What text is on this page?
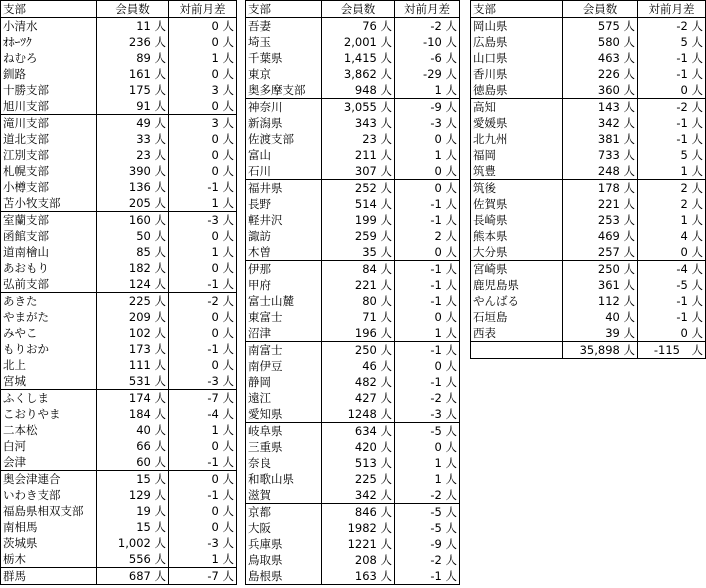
支部	会員数	対前月差
小清水	11 人	0 人
ｵﾎｰﾂｸ	236 人	0 人
ねむろ	89 人	1 人
釧路	161 人	0 人
十勝支部	175 人	3 人
旭川支部	91 人	0 人
滝川支部	49 人	3 人
道北支部	33 人	0 人
江別支部	23 人	0 人
札幌支部	390 人	0 人
小樽支部	136 人	-1 人
苫小牧支部	205 人	1 人
室蘭支部	160 人	-3 人
函館支部	50 人	0 人
道南檜山	85 人	1 人
あおもり	182 人	0 人
弘前支部	124 人	-1 人
あきた	225 人	-2 人
やまがた	209 人	0 人
みやこ	102 人	0 人
もりおか	173 人	-1 人
北上	111 人	0 人
宮城	531 人	-3 人
ふくしま	174 人	-7 人
こおりやま	184 人	-4 人
二本松	40 人	1 人
白河	66 人	0 人
会津	60 人	-1 人
奥会津連合	15 人	0 人
いわき支部	129 人	-1 人
福島県相双支部	19 人	0 人
南相馬	15 人	0 人
茨城県	1,002 人	-3 人
栃木	556 人	1 人
群馬	687 人	-7 人
支部	会員数	対前月差
吾妻	76 人	-2 人
埼玉	2,001 人	-10 人
千葉県	1,415 人	-6 人
東京	3,862 人	-29 人
奥多摩支部	948 人	1 人
神奈川	3,055 人	-9 人
新潟県	343 人	-3 人
佐渡支部	23 人	0 人
富山	211 人	1 人
石川	307 人	0 人
福井県	252 人	0 人
長野	514 人	-1 人
軽井沢	199 人	-1 人
諏訪	259 人	2 人
木曽	35 人	0 人
伊那	84 人	-1 人
甲府	221 人	-1 人
富士山麓	80 人	-1 人
東富士	71 人	0 人
沼津	196 人	1 人
南富士	250 人	-1 人
南伊豆	46 人	0 人
静岡	482 人	-1 人
遠江	427 人	-2 人
愛知県	1248 人	-3 人
岐阜県	634 人	-5 人
三重県	420 人	0 人
奈良	513 人	1 人
和歌山県	225 人	1 人
滋賀	342 人	-2 人
京都	846 人	-5 人
大阪	1982 人	-5 人
兵庫県	1221 人	-9 人
鳥取県	208 人	-2 人
島根県	163 人	-1 人
支部	会員数	対前月差
岡山県	575 人	-2 人
広島県	580 人	5 人
山口県	463 人	-1 人
香川県	226 人	-1 人
徳島県	360 人	0 人
高知	143 人	-2 人
愛媛県	342 人	-1 人
北九州	381 人	-1 人
福岡	733 人	5 人
筑豊	248 人	1 人
筑後	178 人	2 人
佐賀県	221 人	2 人
長崎県	253 人	1 人
熊本県	469 人	4 人
大分県	257 人	0 人
宮崎県	250 人	-4 人
鹿児島県	361 人	-5 人
やんばる	112 人	-1 人
石垣島	40 人	-1 人
西表	39 人	0 人
	35,898 人	-115　人
